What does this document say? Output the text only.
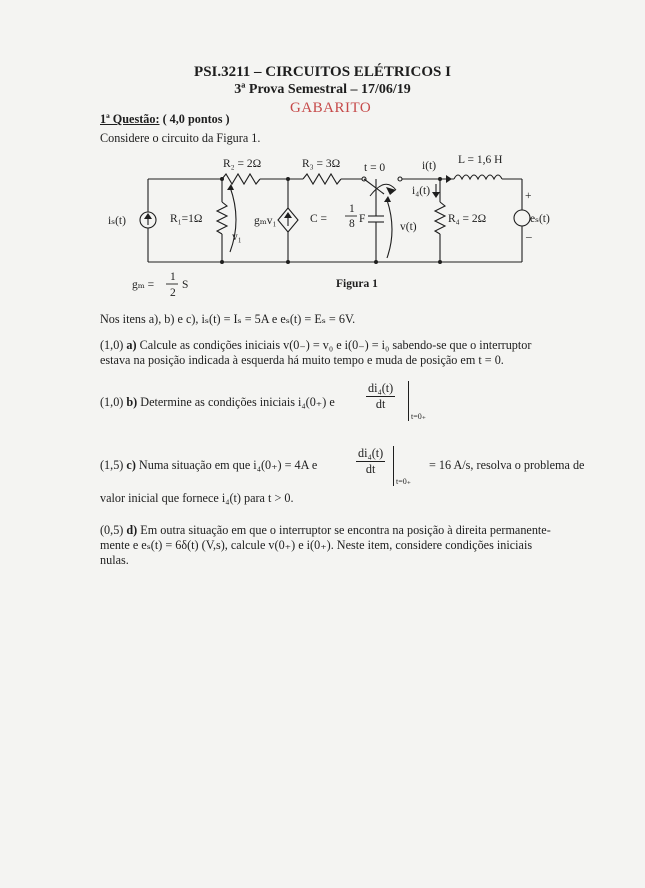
PSI.3211 – CIRCUITOS ELÉTRICOS I
3ª Prova Semestral – 17/06/19
GABARITO
1ª Questão: ( 4,0 pontos )
Considere o circuito da Figura 1.
R₂ = 2Ω	R₃ = 3Ω t = 0	i(t) L = 1,6 H
i₄(t)
iₛ(t)	R₁=1Ω
v₁
gₘv₁	C =
1
8 F
v(t)
R₄ = 2Ω	eₛ(t)
+
–
gₘ =
1
2
S	Figura 1
Nos itens a), b) e c), iₛ(t) = Iₛ = 5A e eₛ(t) = Eₛ = 6V.
(1,0) a) Calcule as condições iniciais v(0₋) = v₀ e i(0₋) = i₀ sabendo-se que o interruptor
estava na posição indicada à esquerda há muito tempo e muda de posição em t = 0.
(1,0) b) Determine as condições iniciais i₄(0₊) e	$\frac{\text{di₄(t)}}{dt}$
t=0₊
(1,5) c) Numa situação em que i₄(0₊) = 4A e	$\frac{\text{di₄(t)}}{dt}$
t=0₊
= 16 A/s, resolva o problema de
valor inicial que fornece i₄(t) para t > 0.
(0,5) d) Em outra situação em que o interruptor se encontra na posição à direita permanente-
mente e eₛ(t) = 6δ(t) (V,s), calcule v(0₊) e i(0₊). Neste item, considere condições iniciais
nulas.
